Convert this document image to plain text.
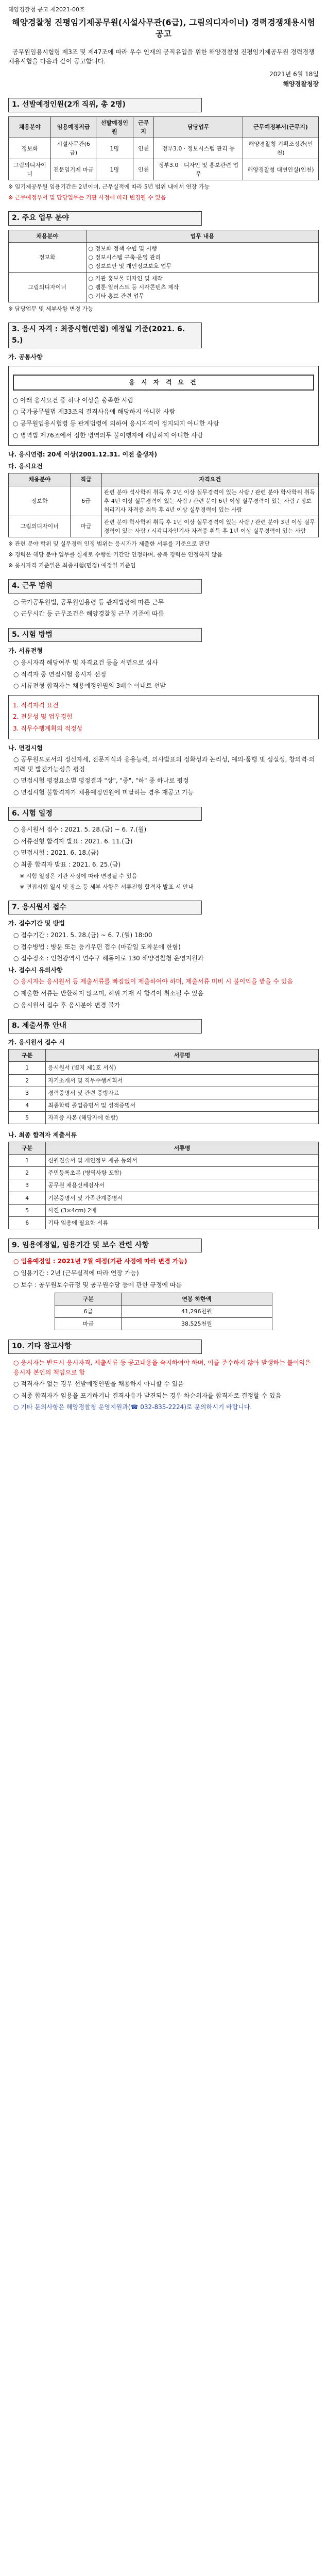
해양경찰청 공고 제2021-00호
해양경찰청 진평임기제공무원(시설사무관(6급), 그림의디자이너) 경력경쟁채용시험 공고
공무원임용시험령 제3조 및 제47조에 따라 우수 인재의 공직유입을 위한 해양경찰청 진평임기제공무원 경력경쟁채용시험을 다음과 같이 공고합니다.
2021년 6월 18일
해양경찰청장
1. 선발예정인원(2개 직위, 총 2명)
채용분야	임용예정직급	선발예정인원	근무지	담당업무	근무예정부서(근무지)
정보화	시설사무관(6급)	1명	인천	정부3.0 · 정보시스템 관리 등	해양경찰청 기획조정관(인천)
그림의디자이너	전문임기제 마급	1명	인천	정부3.0 · 디자인 및 홍보관련 업무	해양경찰청 대변인실(인천)
※ 임기제공무원 임용기간은 2년이며, 근무실적에 따라 5년 범위 내에서 연장 가능
※ 근무예정부서 및 담당업무는 기관 사정에 따라 변경될 수 있음
2. 주요 업무 분야
채용분야	업무 내용
정보화	○ 정보화 정책 수립 및 시행
○ 정보시스템 구축·운영 관리
○ 정보보안 및 개인정보보호 업무
그림의디자이너	○ 기관 홍보물 디자인 및 제작
○ 웹툰·일러스트 등 시각콘텐츠 제작
○ 기타 홍보 관련 업무
※ 담당업무 및 세부사항 변경 가능
3. 응시 자격 : 최종시험(면접) 예정일 기준(2021. 6. 5.)
가. 공통사항
응 시 자 격 요 건
○ 아래 응시요건 중 하나 이상을 충족한 사람
○ 국가공무원법 제33조의 결격사유에 해당하지 아니한 사람
○ 공무원임용시험령 등 관계법령에 의하여 응시자격이 정지되지 아니한 사람
○ 병역법 제76조에서 정한 병역의무 불이행자에 해당하지 아니한 사람
나. 응시연령: 20세 이상(2001.12.31. 이전 출생자)
다. 응시요건
채용분야	직급	자격요건
정보화	6급	관련 분야 석사학위 취득 후 2년 이상 실무경력이 있는 사람 / 관련 분야 학사학위 취득 후 4년 이상 실무경력이 있는 사람 / 관련 분야 6년 이상 실무경력이 있는 사람 / 정보처리기사 자격증 취득 후 4년 이상 실무경력이 있는 사람
그림의디자이너	마급	관련 분야 학사학위 취득 후 1년 이상 실무경력이 있는 사람 / 관련 분야 3년 이상 실무경력이 있는 사람 / 시각디자인기사 자격증 취득 후 1년 이상 실무경력이 있는 사람
※ 관련 분야 학위 및 실무경력 인정 범위는 응시자가 제출한 서류를 기준으로 판단
※ 경력은 해당 분야 업무를 실제로 수행한 기간만 인정하며, 중복 경력은 인정하지 않음
※ 응시자격 기준일은 최종시험(면접) 예정일 기준임
4. 근무 범위
○ 국가공무원법, 공무원임용령 등 관계법령에 따른 근무
○ 근무시간 등 근무조건은 해양경찰청 근무 기준에 따름
5. 시험 방법
가. 서류전형
○ 응시자격 해당여부 및 자격요건 등을 서면으로 심사
○ 적격자 중 면접시험 응시자 선정
○ 서류전형 합격자는 채용예정인원의 3배수 이내로 선발
1. 적격자격 요건
2. 전문성 및 업무경험
3. 직무수행계획의 적정성
나. 면접시험
○ 공무원으로서의 정신자세, 전문지식과 응용능력, 의사발표의 정확성과 논리성, 예의·품행 및 성실성, 창의력·의지력 및 발전가능성을 평정
○ 면접시험 평정요소별 평정결과 "상", "중", "하" 중 하나로 평정
○ 면접시험 불합격자가 채용예정인원에 미달하는 경우 재공고 가능
6. 시험 일정
○ 응시원서 접수 : 2021. 5. 28.(금) ~ 6. 7.(월)
○ 서류전형 합격자 발표 : 2021. 6. 11.(금)
○ 면접시험 : 2021. 6. 18.(금)
○ 최종 합격자 발표 : 2021. 6. 25.(금)
※ 시험 일정은 기관 사정에 따라 변경될 수 있음
※ 면접시험 일시 및 장소 등 세부 사항은 서류전형 합격자 발표 시 안내
7. 응시원서 접수
가. 접수기간 및 방법
○ 접수기간 : 2021. 5. 28.(금) ~ 6. 7.(월) 18:00
○ 접수방법 : 방문 또는 등기우편 접수 (마감일 도착분에 한함)
○ 접수장소 : 인천광역시 연수구 해돋이로 130 해양경찰청 운영지원과
나. 접수시 유의사항
○ 응시자는 응시원서 등 제출서류를 빠짐없이 제출하여야 하며, 제출서류 미비 시 불이익을 받을 수 있음
○ 제출한 서류는 반환하지 않으며, 허위 기재 시 합격이 취소될 수 있음
○ 응시원서 접수 후 응시분야 변경 불가
8. 제출서류 안내
가. 응시원서 접수 시
구분	서류명
1	응시원서 (별지 제1호 서식)
2	자기소개서 및 직무수행계획서
3	경력증명서 및 관련 증빙자료
4	최종학력 졸업증명서 및 성적증명서
5	자격증 사본 (해당자에 한함)
나. 최종 합격자 제출서류
구분	서류명
1	신원진술서 및 개인정보 제공 동의서
2	주민등록초본 (병역사항 포함)
3	공무원 채용신체검사서
4	기본증명서 및 가족관계증명서
5	사진 (3×4cm) 2매
6	기타 임용에 필요한 서류
9. 임용예정일, 임용기간 및 보수 관련 사항
○ 임용예정일 : 2021년 7월 예정(기관 사정에 따라 변경 가능)
○ 임용기간 : 2년 (근무실적에 따라 연장 가능)
○ 보수 : 공무원보수규정 및 공무원수당 등에 관한 규정에 따름
구분	연봉 하한액
6급	41,296천원
마급	38,525천원
10. 기타 참고사항
○ 응시자는 반드시 응시자격, 제출서류 등 공고내용을 숙지하여야 하며, 이를 준수하지 않아 발생하는 불이익은 응시자 본인의 책임으로 함
○ 적격자가 없는 경우 선발예정인원을 채용하지 아니할 수 있음
○ 최종 합격자가 임용을 포기하거나 결격사유가 발견되는 경우 차순위자를 합격자로 결정할 수 있음
○ 기타 문의사항은 해양경찰청 운영지원과(☎ 032-835-2224)로 문의하시기 바랍니다.
